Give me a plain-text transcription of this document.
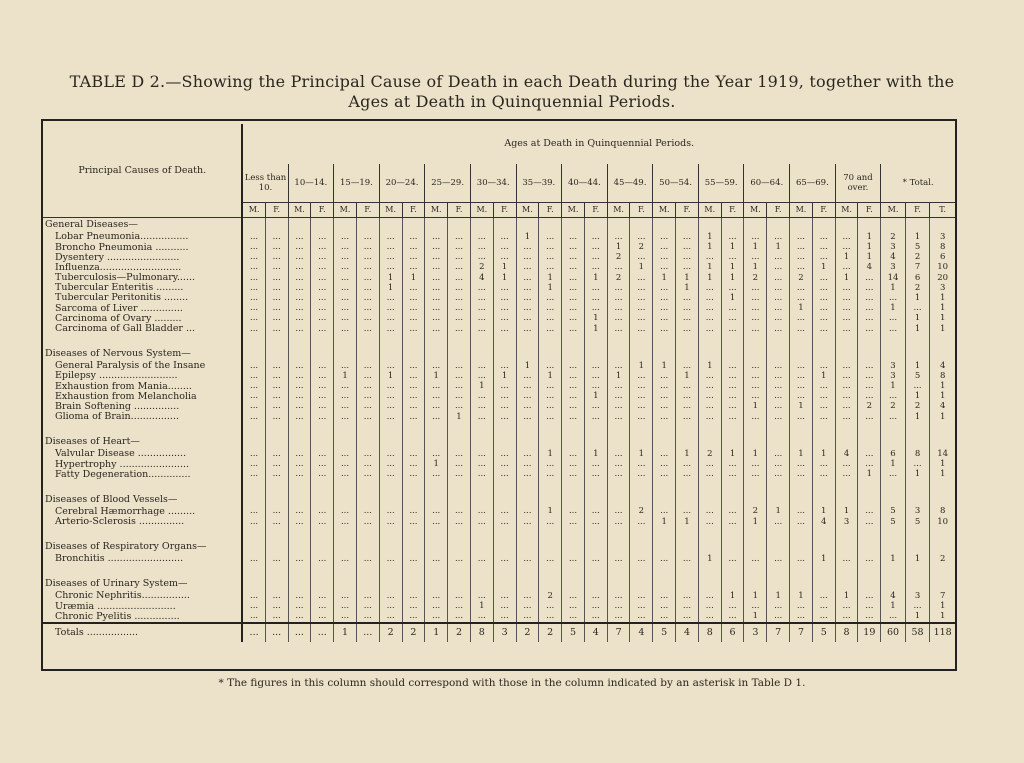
TABLE D 2.—Showing the Principal Cause of Death in each Death during the Year 1919, together with the
Ages at Death in Quinquennial Periods.
Principal Causes of Death.	Ages at Death in Quinquennial Periods.																														
	Less than 10.		10—14.		15—19.		20—24.		25—29.		30—34.		35—39.		40—44.		45—49.		50—54.		55—59.		60—64.		65—69.		70 and over.		* Total.		
	M.	F.	M.	F.	M.	F.	M.	F.	M.	F.	M.	F.	M.	F.	M.	F.	M.	F.	M.	F.	M.	F.	M.	F.	M.	F.	M.	F.	M.	F.	T.
General Diseases—																															
Lobar Pneumonia................	...	...	...	...	...	...	...	...	...	...	...	...	1	...	...	...	...	...	...	...	1	...	...	...	...	...	...	1	2	1	3
Broncho Pneumonia ...........	...	...	...	...	...	...	...	...	...	...	...	...	...	...	...	...	1	2	...	...	1	1	1	1	...	...	...	1	3	5	8
Dysentery ........................	...	...	...	...	...	...	...	...	...	...	...	...	...	...	...	...	2	...	...	...	...	...	...	...	...	...	1	1	4	2	6
Influenza...........................	...	...	...	...	...	...	...	...	...	...	2	1	...	...	...	...	...	1	...	...	1	1	1	...	...	1	...	4	3	7	10
Tuberculosis—Pulmonary......	...	...	...	...	...	...	1	1	...	...	4	1	...	1	...	1	2	...	1	1	1	1	2	...	2	...	1	...	14	6	20
Tubercular Enteritis .........	...	...	...	...	...	...	1	...	...	...	...	...	...	1	...	...	...	...	...	1	...	...	...	...	...	...	...	...	1	2	3
Tubercular Peritonitis ........	...	...	...	...	...	...	...	...	...	...	...	...	...	...	...	...	...	...	...	...	...	1	...	...	...	...	...	...	...	1	1
Sarcoma of Liver ..............	...	...	...	...	...	...	...	...	...	...	...	...	...	...	...	...	...	...	...	...	...	...	...	...	1	...	...	...	1	...	1
Carcinoma of Ovary .........	...	...	...	...	...	...	...	...	...	...	...	...	...	...	...	1	...	...	...	...	...	...	...	...	...	...	...	...	...	1	1
Carcinoma of Gall Bladder ...	...	...	...	...	...	...	...	...	...	...	...	...	...	...	...	1	...	...	...	...	...	...	...	...	...	...	...	...	...	1	1

Diseases of Nervous System—																															
General Paralysis of the Insane	...	...	...	...	...	...	...	...	...	...	...	...	1	...	...	...	...	1	1	...	1	...	...	...	...	...	...	...	3	1	4
Epilepsy ..........................	...	...	...	...	1	...	1	...	1	...	...	1	...	1	...	...	1	...	...	1	...	...	...	...	...	1	...	...	3	5	8
Exhaustion from Mania........	...	...	...	...	...	...	...	...	...	...	1	...	...	...	...	...	...	...	...	...	...	...	...	...	...	...	...	...	1	...	1
Exhaustion from Melancholia	...	...	...	...	...	...	...	...	...	...	...	...	...	...	...	1	...	...	...	...	...	...	...	...	...	...	...	...	...	1	1
Brain Softening ...............	...	...	...	...	...	...	...	...	...	...	...	...	...	...	...	...	...	...	...	...	...	...	1	...	1	...	...	2	2	2	4
Glioma of Brain................	...	...	...	...	...	...	...	...	...	1	...	...	...	...	...	...	...	...	...	...	...	...	...	...	...	...	...	...	...	1	1

Diseases of Heart—																															
Valvular Disease ................	...	...	...	...	...	...	...	...	...	...	...	...	...	1	...	1	...	1	...	1	2	1	1	...	1	1	4	...	6	8	14
Hypertrophy .......................	...	...	...	...	...	...	...	...	1	...	...	...	...	...	...	...	...	...	...	...	...	...	...	...	...	...	...	...	1	...	1
Fatty Degeneration..............	...	...	...	...	...	...	...	...	...	...	...	...	...	...	...	...	...	...	...	...	...	...	...	...	...	...	...	1	...	1	1

Diseases of Blood Vessels—																															
Cerebral Hæmorrhage .........	...	...	...	...	...	...	...	...	...	...	...	...	...	1	...	...	...	2	...	...	...	...	2	1	...	1	1	...	5	3	8
Arterio-Sclerosis ...............	...	...	...	...	...	...	...	...	...	...	...	...	...	...	...	...	...	...	1	1	...	...	1	...	...	4	3	...	5	5	10

Diseases of Respiratory Organs—																															
Bronchitis .........................	...	...	...	...	...	...	...	...	...	...	...	...	...	...	...	...	...	...	...	...	1	...	...	...	...	1	...	...	1	1	2

Diseases of Urinary System—																															
Chronic Nephritis................	...	...	...	...	...	...	...	...	...	...	...	...	...	2	...	...	...	...	...	...	...	1	1	1	1	...	1	...	4	3	7
Uræmia ..........................	...	...	...	...	...	...	...	...	...	...	1	...	...	...	...	...	...	...	...	...	...	...	...	...	...	...	...	...	1	...	1
Chronic Pyelitis ...............	...	...	...	...	...	...	...	...	...	...	...	...	...	...	...	...	...	...	...	...	...	...	1	...	...	...	...	...	...	1	1
Totals .................	...	...	...	...	1	...	2	2	1	2	8	3	2	2	5	4	7	4	5	4	8	6	3	7	7	5	8	19	60	58	118
* The figures in this column should correspond with those in the column indicated by an asterisk in Table D 1.
